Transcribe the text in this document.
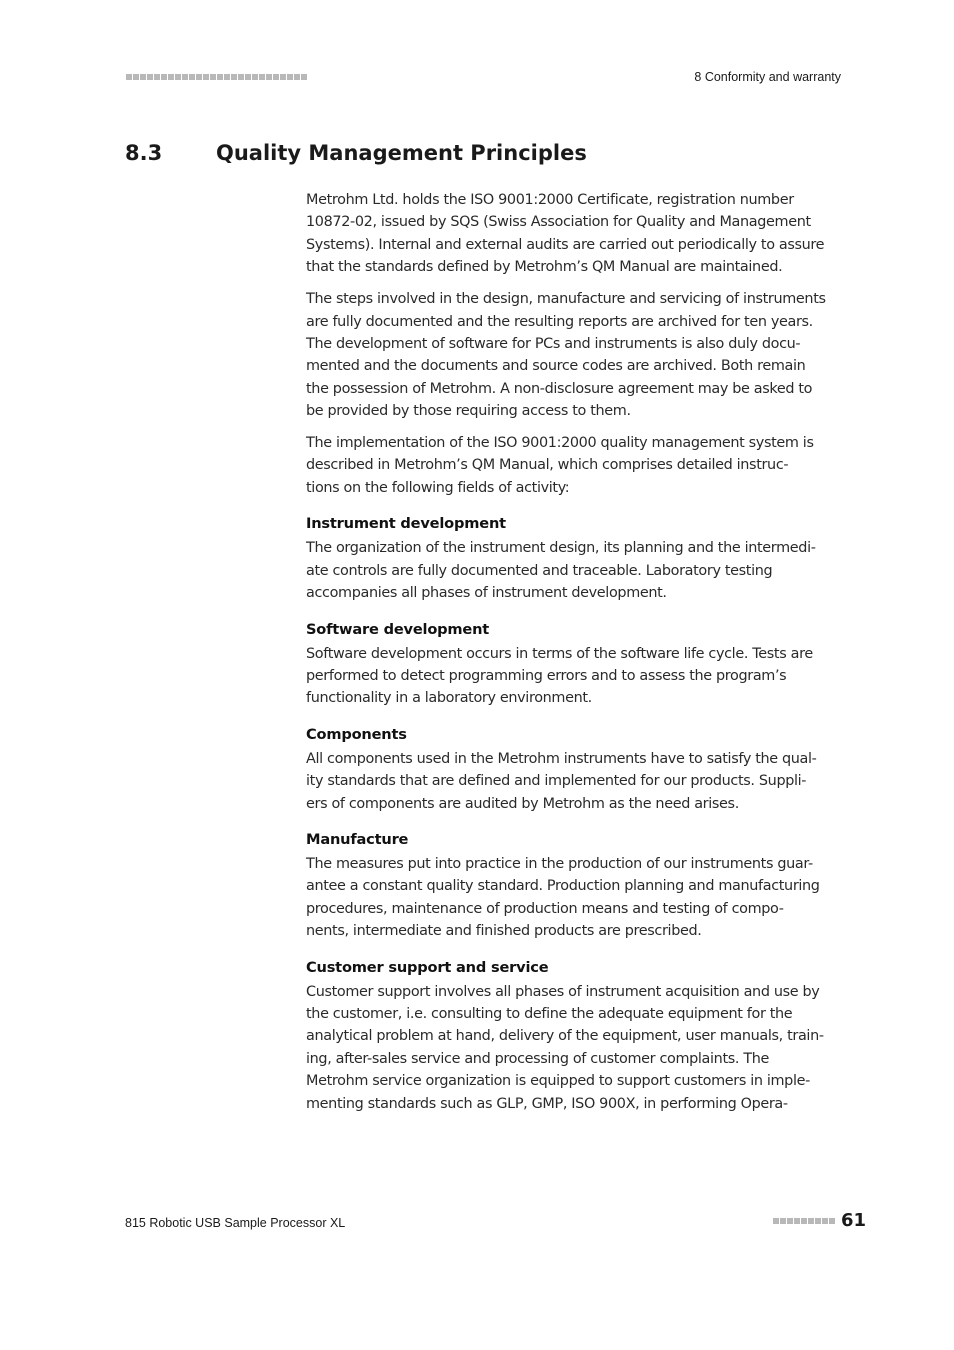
8 Conformity and warranty
8.3	Quality Management Principles
Metrohm Ltd. holds the ISO 9001:2000 Certificate, registration number
10872-02, issued by SQS (Swiss Association for Quality and Management
Systems). Internal and external audits are carried out periodically to assure
that the standards defined by Metrohm’s QM Manual are maintained.
The steps involved in the design, manufacture and servicing of instruments
are fully documented and the resulting reports are archived for ten years.
The development of software for PCs and instruments is also duly docu-
mented and the documents and source codes are archived. Both remain
the possession of Metrohm. A non-disclosure agreement may be asked to
be provided by those requiring access to them.
The implementation of the ISO 9001:2000 quality management system is
described in Metrohm’s QM Manual, which comprises detailed instruc-
tions on the following fields of activity:
Instrument development
The organization of the instrument design, its planning and the intermedi-
ate controls are fully documented and traceable. Laboratory testing
accompanies all phases of instrument development.
Software development
Software development occurs in terms of the software life cycle. Tests are
performed to detect programming errors and to assess the program’s
functionality in a laboratory environment.
Components
All components used in the Metrohm instruments have to satisfy the qual-
ity standards that are defined and implemented for our products. Suppli-
ers of components are audited by Metrohm as the need arises.
Manufacture
The measures put into practice in the production of our instruments guar-
antee a constant quality standard. Production planning and manufacturing
procedures, maintenance of production means and testing of compo-
nents, intermediate and finished products are prescribed.
Customer support and service
Customer support involves all phases of instrument acquisition and use by
the customer, i.e. consulting to define the adequate equipment for the
analytical problem at hand, delivery of the equipment, user manuals, train-
ing, after-sales service and processing of customer complaints. The
Metrohm service organization is equipped to support customers in imple-
menting standards such as GLP, GMP, ISO 900X, in performing Opera-
815 Robotic USB Sample Processor XL	61
